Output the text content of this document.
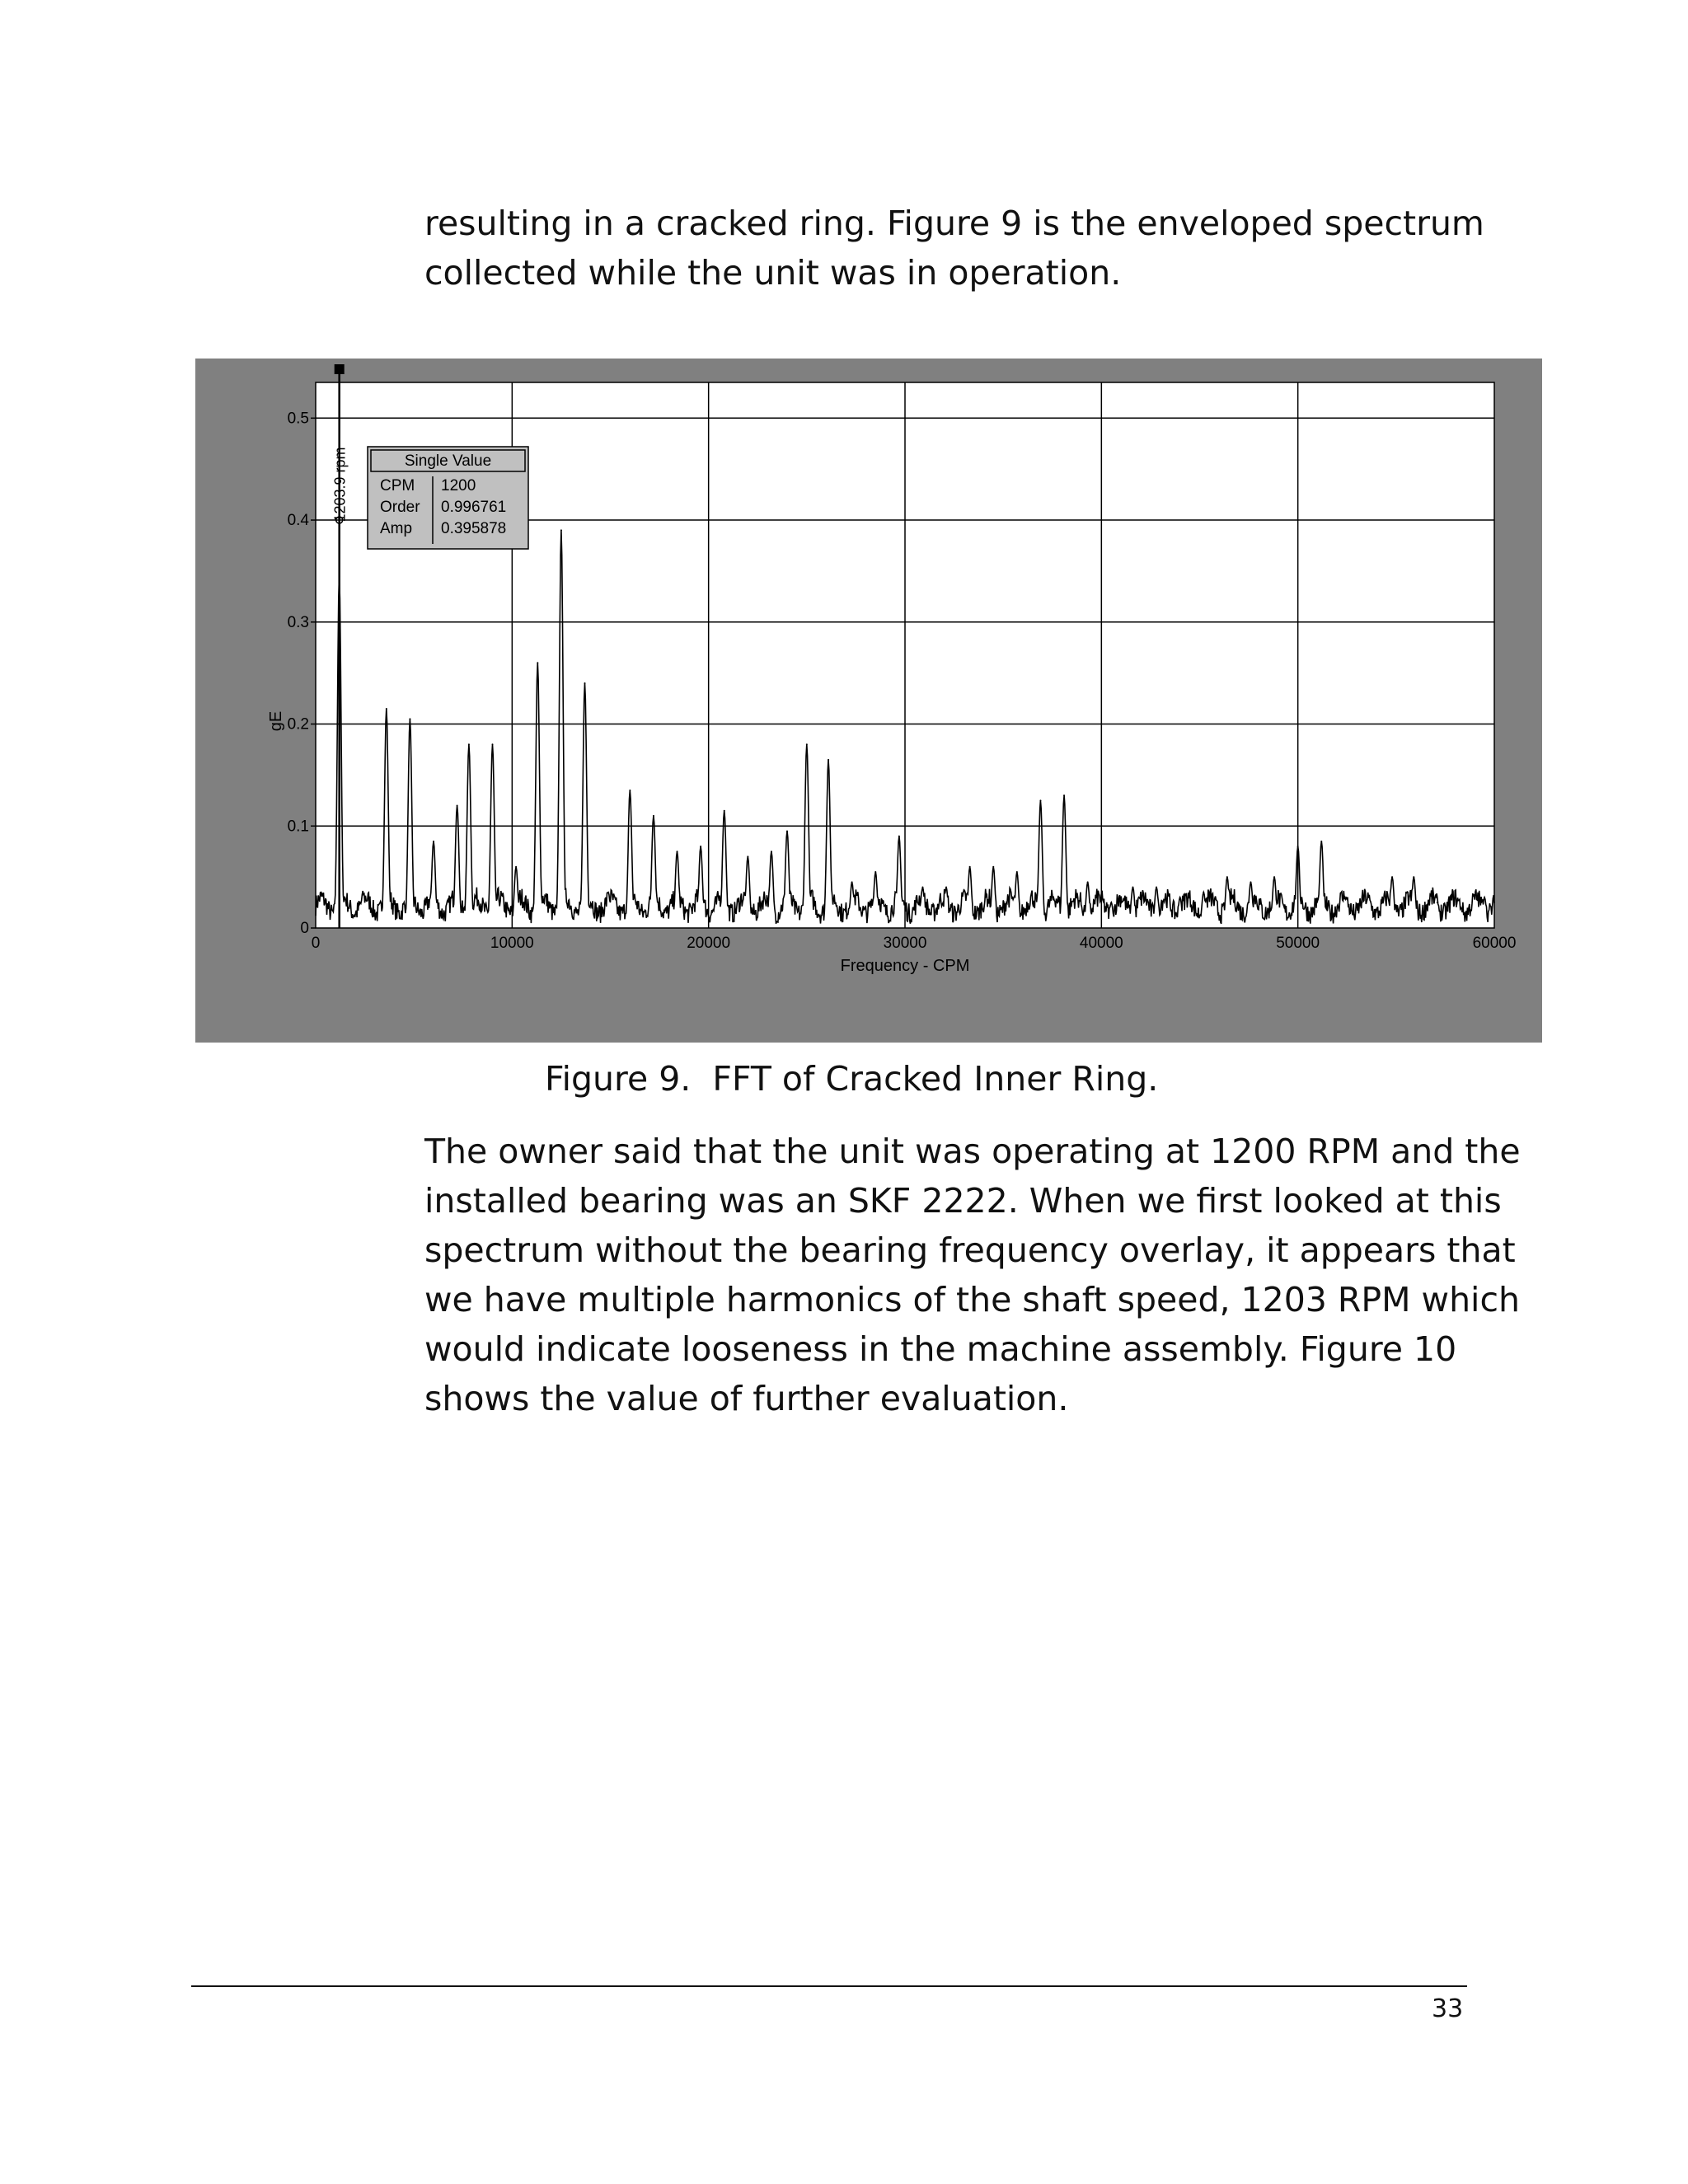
resulting in a cracked ring. Figure 9 is the enveloped spectrum
collected while the unit was in operation.

0	10000	20000	30000	40000	50000	60000
0
0.1
0.2
0.3
0.4
0.5
Frequency - CPM
gE
1203.9 rpm	Single Value
CPM 1200
Order 0.996761
Amp 0.395878
Figure 9.  FFT of Cracked Inner Ring.

The owner said that the unit was operating at 1200 RPM and the
installed bearing was an SKF 2222. When we first looked at this
spectrum without the bearing frequency overlay, it appears that
we have multiple harmonics of the shaft speed, 1203 RPM which
would indicate looseness in the machine assembly. Figure 10
shows the value of further evaluation.

33
